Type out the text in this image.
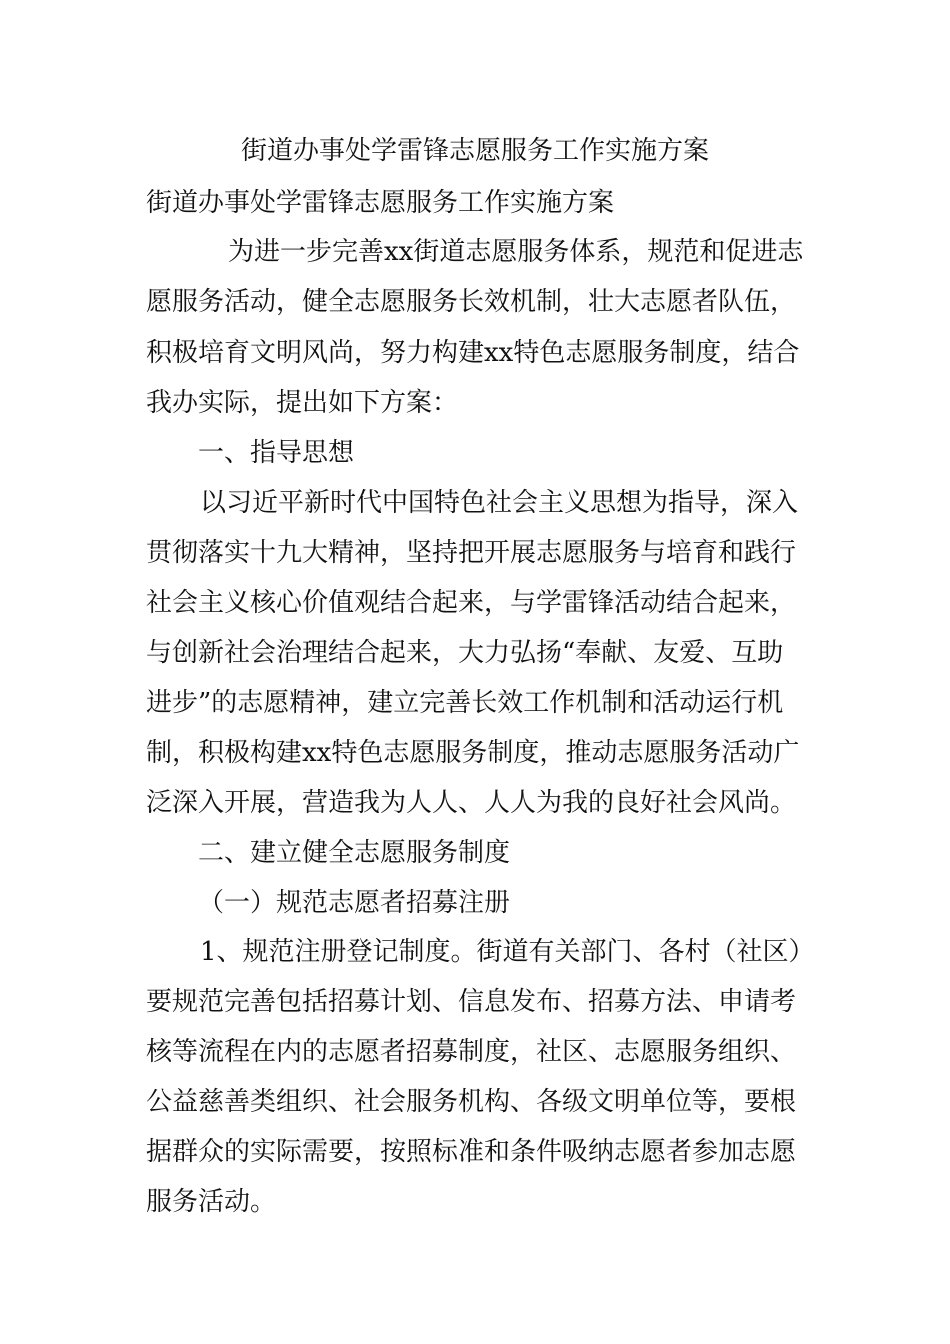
街道办事处学雷锋志愿服务工作实施方案
街道办事处学雷锋志愿服务工作实施方案
为进一步完善xx街道志愿服务体系，规范和促进志
愿服务活动，健全志愿服务长效机制，壮大志愿者队伍，
积极培育文明风尚，努力构建xx特色志愿服务制度，结合
我办实际，提出如下方案：
一、指导思想
以习近平新时代中国特色社会主义思想为指导，深入
贯彻落实十九大精神，坚持把开展志愿服务与培育和践行
社会主义核心价值观结合起来，与学雷锋活动结合起来，
与创新社会治理结合起来，大力弘扬“奉献、友爱、互助
进步”的志愿精神，建立完善长效工作机制和活动运行机
制，积极构建xx特色志愿服务制度，推动志愿服务活动广
泛深入开展，营造我为人人、人人为我的良好社会风尚。
二、建立健全志愿服务制度
（一）规范志愿者招募注册
1、规范注册登记制度。街道有关部门、各村（社区）
要规范完善包括招募计划、信息发布、招募方法、申请考
核等流程在内的志愿者招募制度，社区、志愿服务组织、
公益慈善类组织、社会服务机构、各级文明单位等，要根
据群众的实际需要，按照标准和条件吸纳志愿者参加志愿
服务活动。
